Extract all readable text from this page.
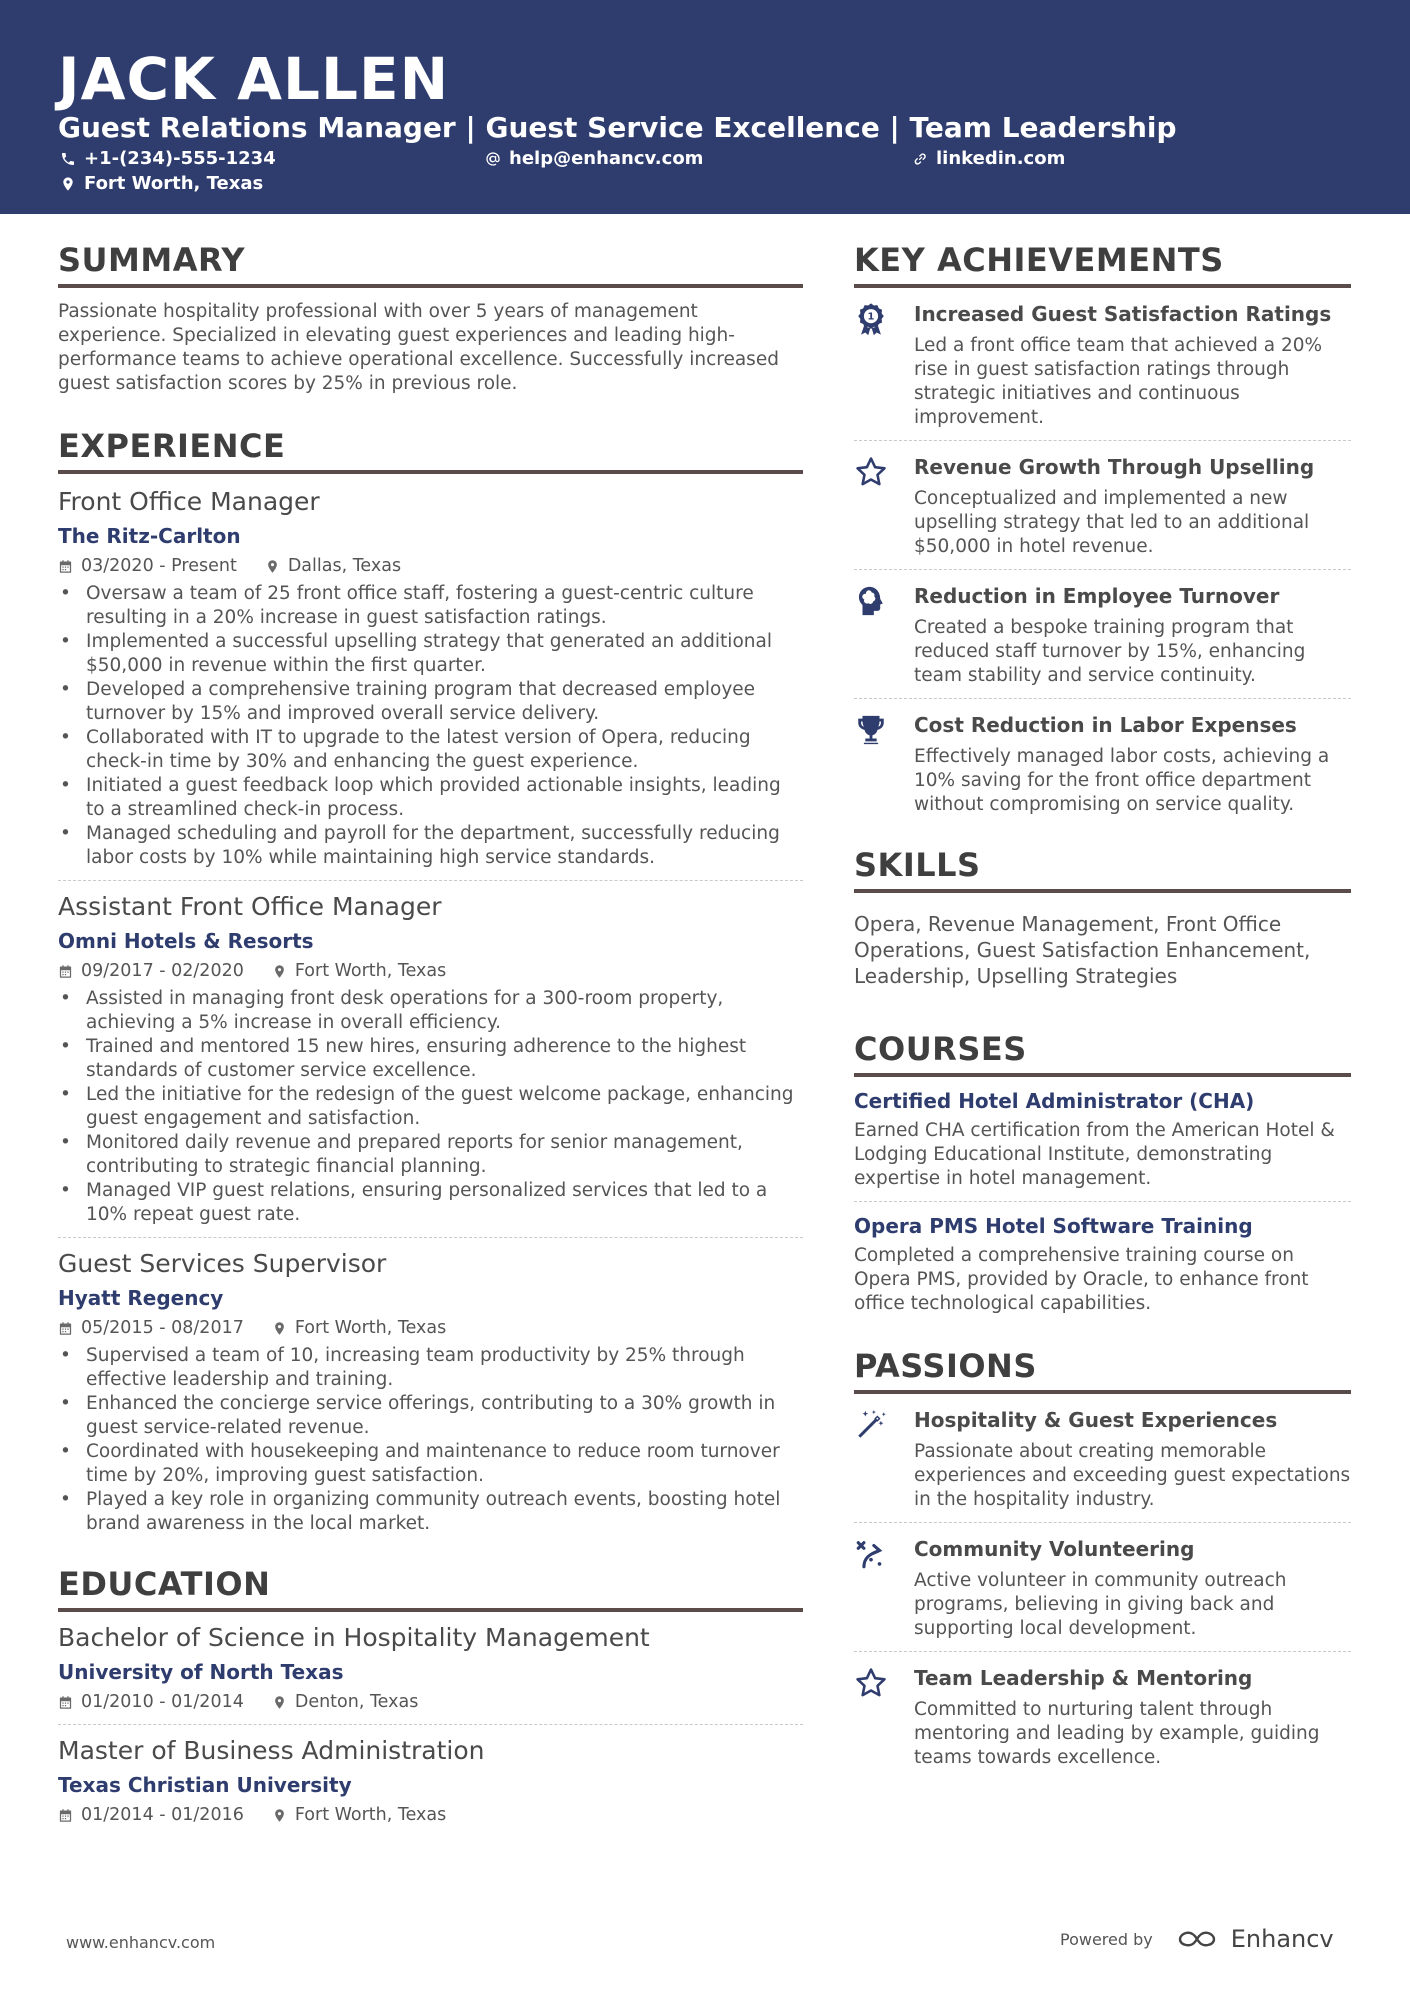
JACK ALLEN
Guest Relations Manager | Guest Service Excellence | Team Leadership
+1-(234)-555-1234	help@enhancv.com	linkedin.com
Fort Worth, Texas
SUMMARY
Passionate hospitality professional with over 5 years of management experience. Specialized in elevating guest experiences and leading high-performance teams to achieve operational excellence. Successfully increased guest satisfaction scores by 25% in previous role.
EXPERIENCE
Front Office Manager
The Ritz-Carlton
03/2020 - Present	Dallas, Texas
• Oversaw a team of 25 front office staff, fostering a guest-centric culture resulting in a 20% increase in guest satisfaction ratings.
• Implemented a successful upselling strategy that generated an additional $50,000 in revenue within the first quarter.
• Developed a comprehensive training program that decreased employee turnover by 15% and improved overall service delivery.
• Collaborated with IT to upgrade to the latest version of Opera, reducing check-in time by 30% and enhancing the guest experience.
• Initiated a guest feedback loop which provided actionable insights, leading to a streamlined check-in process.
• Managed scheduling and payroll for the department, successfully reducing labor costs by 10% while maintaining high service standards.
Assistant Front Office Manager
Omni Hotels & Resorts
09/2017 - 02/2020	Fort Worth, Texas
• Assisted in managing front desk operations for a 300-room property, achieving a 5% increase in overall efficiency.
• Trained and mentored 15 new hires, ensuring adherence to the highest standards of customer service excellence.
• Led the initiative for the redesign of the guest welcome package, enhancing guest engagement and satisfaction.
• Monitored daily revenue and prepared reports for senior management, contributing to strategic financial planning.
• Managed VIP guest relations, ensuring personalized services that led to a 10% repeat guest rate.
Guest Services Supervisor
Hyatt Regency
05/2015 - 08/2017	Fort Worth, Texas
• Supervised a team of 10, increasing team productivity by 25% through effective leadership and training.
• Enhanced the concierge service offerings, contributing to a 30% growth in guest service-related revenue.
• Coordinated with housekeeping and maintenance to reduce room turnover time by 20%, improving guest satisfaction.
• Played a key role in organizing community outreach events, boosting hotel brand awareness in the local market.
EDUCATION
Bachelor of Science in Hospitality Management
University of North Texas
01/2010 - 01/2014	Denton, Texas
Master of Business Administration
Texas Christian University
01/2014 - 01/2016	Fort Worth, Texas
KEY ACHIEVEMENTS
1 Increased Guest Satisfaction Ratings
Led a front office team that achieved a 20% rise in guest satisfaction ratings through strategic initiatives and continuous improvement.
Revenue Growth Through Upselling
Conceptualized and implemented a new upselling strategy that led to an additional $50,000 in hotel revenue.
Reduction in Employee Turnover
Created a bespoke training program that reduced staff turnover by 15%, enhancing team stability and service continuity.
Cost Reduction in Labor Expenses
Effectively managed labor costs, achieving a 10% saving for the front office department without compromising on service quality.
SKILLS
Opera, Revenue Management, Front Office Operations, Guest Satisfaction Enhancement, Leadership, Upselling Strategies
COURSES
Certified Hotel Administrator (CHA)
Earned CHA certification from the American Hotel & Lodging Educational Institute, demonstrating expertise in hotel management.
Opera PMS Hotel Software Training
Completed a comprehensive training course on Opera PMS, provided by Oracle, to enhance front office technological capabilities.
PASSIONS
Hospitality & Guest Experiences
Passionate about creating memorable experiences and exceeding guest expectations in the hospitality industry.
Community Volunteering
Active volunteer in community outreach programs, believing in giving back and supporting local development.
Team Leadership & Mentoring
Committed to nurturing talent through mentoring and leading by example, guiding teams towards excellence.
www.enhancv.com	Powered by	Enhancv
